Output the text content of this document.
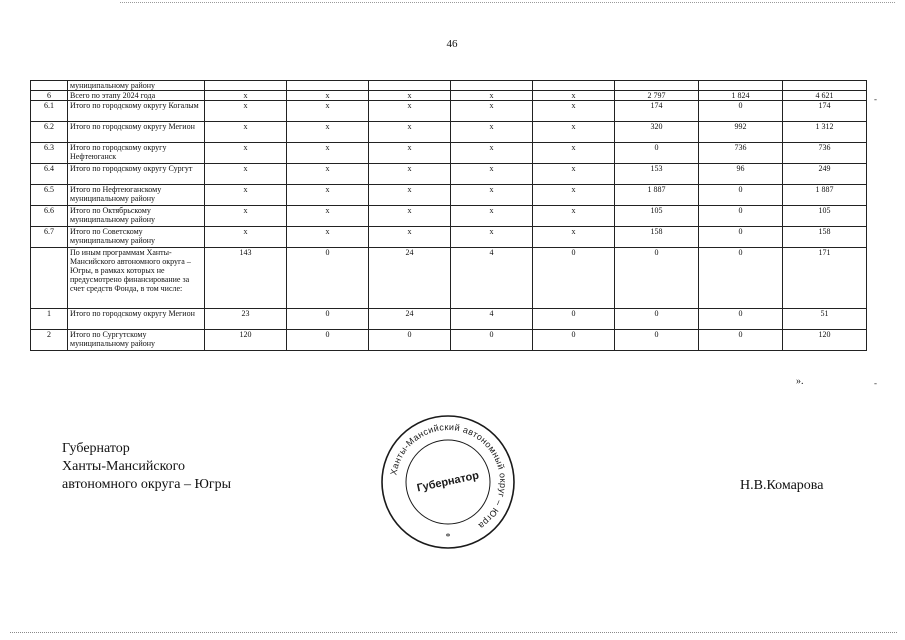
46
	муниципальному району								
6	Всего по этапу 2024 года	х	х	х	х	х	2 797	1 824	4 621
6.1	Итого по городскому округу Когалым	х	х	х	х	х	174	0	174
6.2	Итого по городскому округу Мегион	х	х	х	х	х	320	992	1 312
6.3	Итого по городскому округу Нефтеюганск	х	х	х	х	х	0	736	736
6.4	Итого по городскому округу Сургут	х	х	х	х	х	153	96	249
6.5	Итого по Нефтеюганскому муниципальному району	х	х	х	х	х	1 887	0	1 887
6.6	Итого по Октябрьскому муниципальному району	х	х	х	х	х	105	0	105
6.7	Итого по Советскому муниципальному району	х	х	х	х	х	158	0	158
	По иным программам Ханты-Мансийского автономного округа – Югры, в рамках которых не предусмотрено финансирование за счет средств Фонда, в том числе:	143	0	24	4	0	0	0	171
1	Итого по городскому округу Мегион	23	0	24	4	0	0	0	51
2	Итого по Сургутскому муниципальному району	120	0	0	0	0	0	0	120
-
-
».
Губернатор
Ханты-Мансийского
автономного округа – Югры
Ханты-Мансийский автономный округ – Югра
Губернатор
*
Н.В.Комарова
